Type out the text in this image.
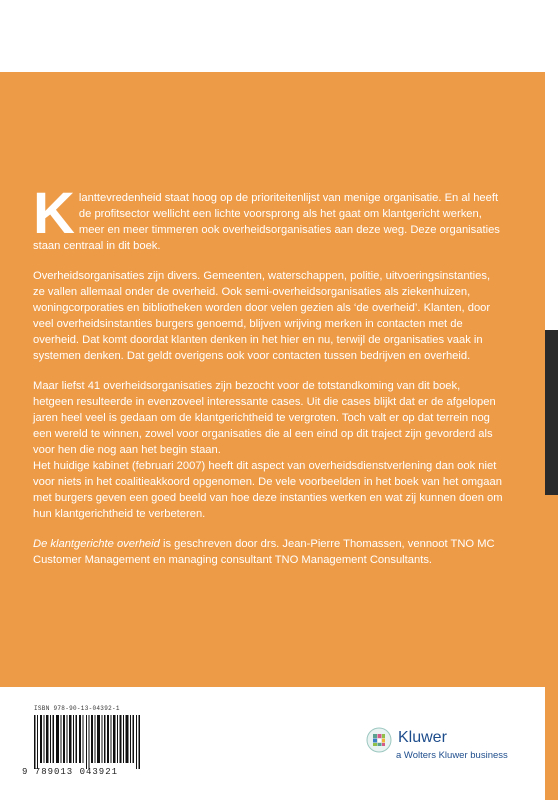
Klanttevredenheid staat hoog op de prioriteitenlijst van menige organisatie. En al heeft de profitsector wellicht een lichte voorsprong als het gaat om klantgericht werken, meer en meer timmeren ook overheidsorganisaties aan deze weg. Deze organisaties staan centraal in dit boek.

Overheidsorganisaties zijn divers. Gemeenten, waterschappen, politie, uitvoeringsinstanties, ze vallen allemaal onder de overheid. Ook semi-overheidsorganisaties als ziekenhuizen, woningcorporaties en bibliotheken worden door velen gezien als ‘de overheid’. Klanten, door veel overheidsinstanties burgers genoemd, blijven wrijving merken in contacten met de overheid. Dat komt doordat klanten denken in het hier en nu, terwijl de organisaties vaak in systemen denken. Dat geldt overigens ook voor contacten tussen bedrijven en overheid.

Maar liefst 41 overheidsorganisaties zijn bezocht voor de totstandkoming van dit boek, hetgeen resulteerde in evenzoveel interessante cases. Uit die cases blijkt dat er de afgelopen jaren heel veel is gedaan om de klantgerichtheid te vergroten. Toch valt er op dat terrein nog een wereld te winnen, zowel voor organisaties die al een eind op dit traject zijn gevorderd als voor hen die nog aan het begin staan.

Het huidige kabinet (februari 2007) heeft dit aspect van overheidsdienstverlening dan ook niet voor niets in het coalitieakkoord opgenomen. De vele voorbeelden in het boek van het omgaan met burgers geven een goed beeld van hoe deze instanties werken en wat zij kunnen doen om hun klantgerichtheid te verbeteren.

De klantgerichte overheid is geschreven door drs. Jean-Pierre Thomassen, vennoot TNO MC Customer Management en managing consultant TNO Management Consultants.

ISBN 978-90-13-04392-1
9 789013 043921
Kluwer
a Wolters Kluwer business
